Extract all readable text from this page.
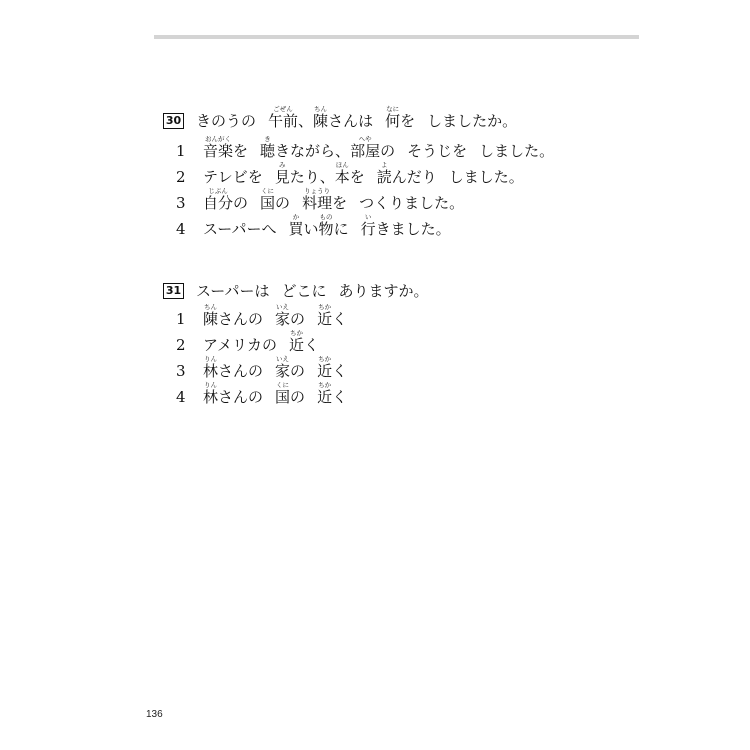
30 きのうの 午前ごぜん
、 陳ちん
さんは 何なに
を しましたか。
1	音楽おんがく
を 聴き
きながら、 部屋へや
の そうじを しました。
2	テレビを 見み
たり、 本ほん
を 読よ
んだり しました。
3	自分じぶん
の 国くに
の 料理りょうり
を つくりました。
4	スーパーへ 買か
い 物もの
に 行い
きました。
31 スーパーは どこに ありますか。
1	陳ちん
さんの 家いえ
の 近ちか
く
2	アメリカの 近ちか
く
3	林りん
さんの 家いえ
の 近ちか
く
4	林りん
さんの 国くに
の 近ちか
く
136
